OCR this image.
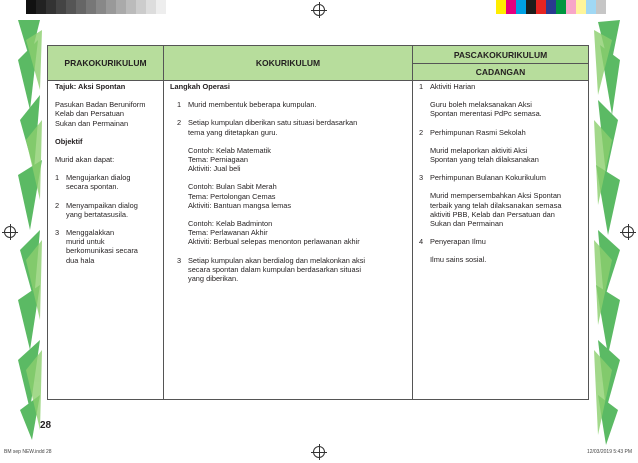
PRAKOKURIKULUM	KOKURIKULUM
PASCAKOKURIKULUM
CADANGAN

Tajuk: Aksi Spontan

Pasukan Badan Beruniform
Kelab dan Persatuan
Sukan dan Permainan

Objektif

Murid akan dapat:

1 Mengujarkan dialog
secara spontan.
2 Menyampaikan dialog
yang bertatasusila.
3 Menggalakkan
murid untuk
berkomunikasi secara
dua hala

Langkah Operasi

1 Murid membentuk beberapa kumpulan.
2 Setiap kumpulan diberikan satu situasi berdasarkan
tema yang ditetapkan guru.
Contoh: Kelab Matematik
Tema: Perniagaan
Aktiviti: Jual beli
Contoh: Bulan Sabit Merah
Tema: Pertolongan Cemas
Aktiviti: Bantuan mangsa lemas
Contoh: Kelab Badminton
Tema: Perlawanan Akhir
Aktiviti: Berbual selepas menonton perlawanan akhir
3 Setiap kumpulan akan berdialog dan melakonkan aksi
secara spontan dalam kumpulan berdasarkan situasi
yang diberikan.
1 Aktiviti Harian
Guru boleh melaksanakan Aksi
Spontan merentasi PdPc semasa.
2 Perhimpunan Rasmi Sekolah
Murid melaporkan aktiviti Aksi
Spontan yang telah dilaksanakan
3 Perhimpunan Bulanan Kokurikulum
Murid mempersembahkan Aksi Spontan
terbaik yang telah dilaksanakan semasa
aktiviti PBB, Kelab dan Persatuan dan
Sukan dan Permainan
4 Penyerapan Ilmu
Ilmu sains sosial.
28
BM sep NEW.indd 28	12/03/2019 5:43 PM
